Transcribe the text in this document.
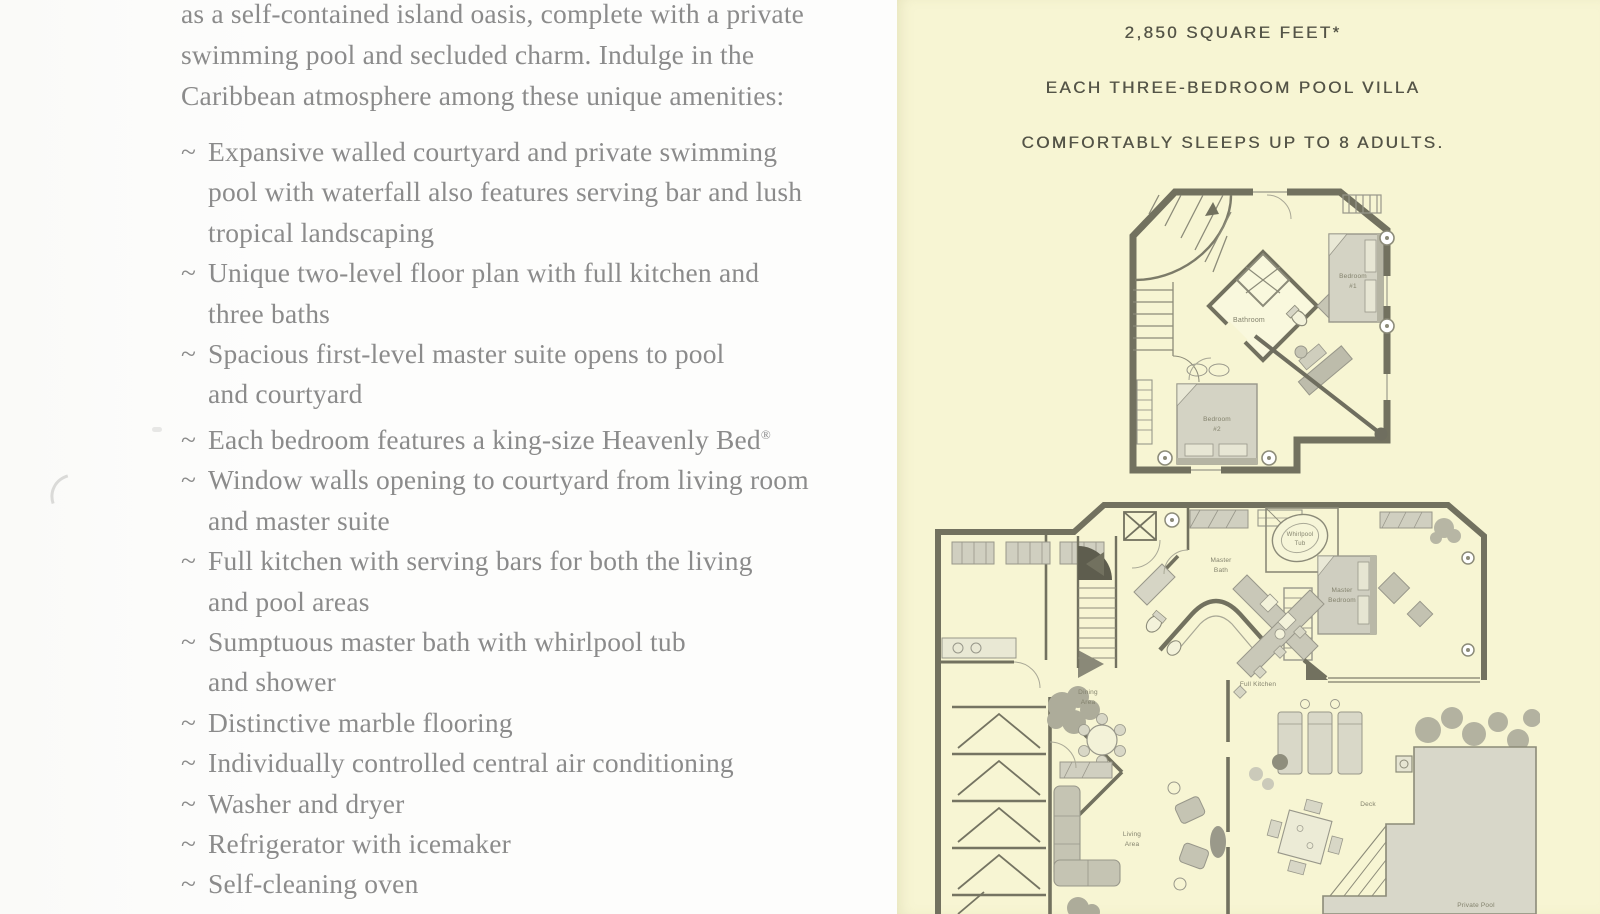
as a self-contained island oasis, complete with a private
swimming pool and secluded charm. Indulge in the
Caribbean atmosphere among these unique amenities:
~ Expansive walled courtyard and private swimming
pool with waterfall also features serving bar and lush
tropical landscaping
~ Unique two-level floor plan with full kitchen and
three baths
~ Spacious first-level master suite opens to pool
and courtyard
~ Each bedroom features a king-size Heavenly Bed®
~ Window walls opening to courtyard from living room
and master suite
~ Full kitchen with serving bars for both the living
and pool areas
~ Sumptuous master bath with whirlpool tub
and shower
~ Distinctive marble flooring
~ Individually controlled central air conditioning
~ Washer and dryer
~ Refrigerator with icemaker
~ Self-cleaning oven
2,850 SQUARE FEET*
EACH THREE-BEDROOM POOL VILLA
COMFORTABLY SLEEPS UP TO 8 ADULTS.
Bathroom
Bedroom
#1
Bedroom
#2
Master
Bath
Whirlpool
Tub
Master
Bedroom
Full Kitchen
Dining
Area
Living
Area
Deck
Private Pool
